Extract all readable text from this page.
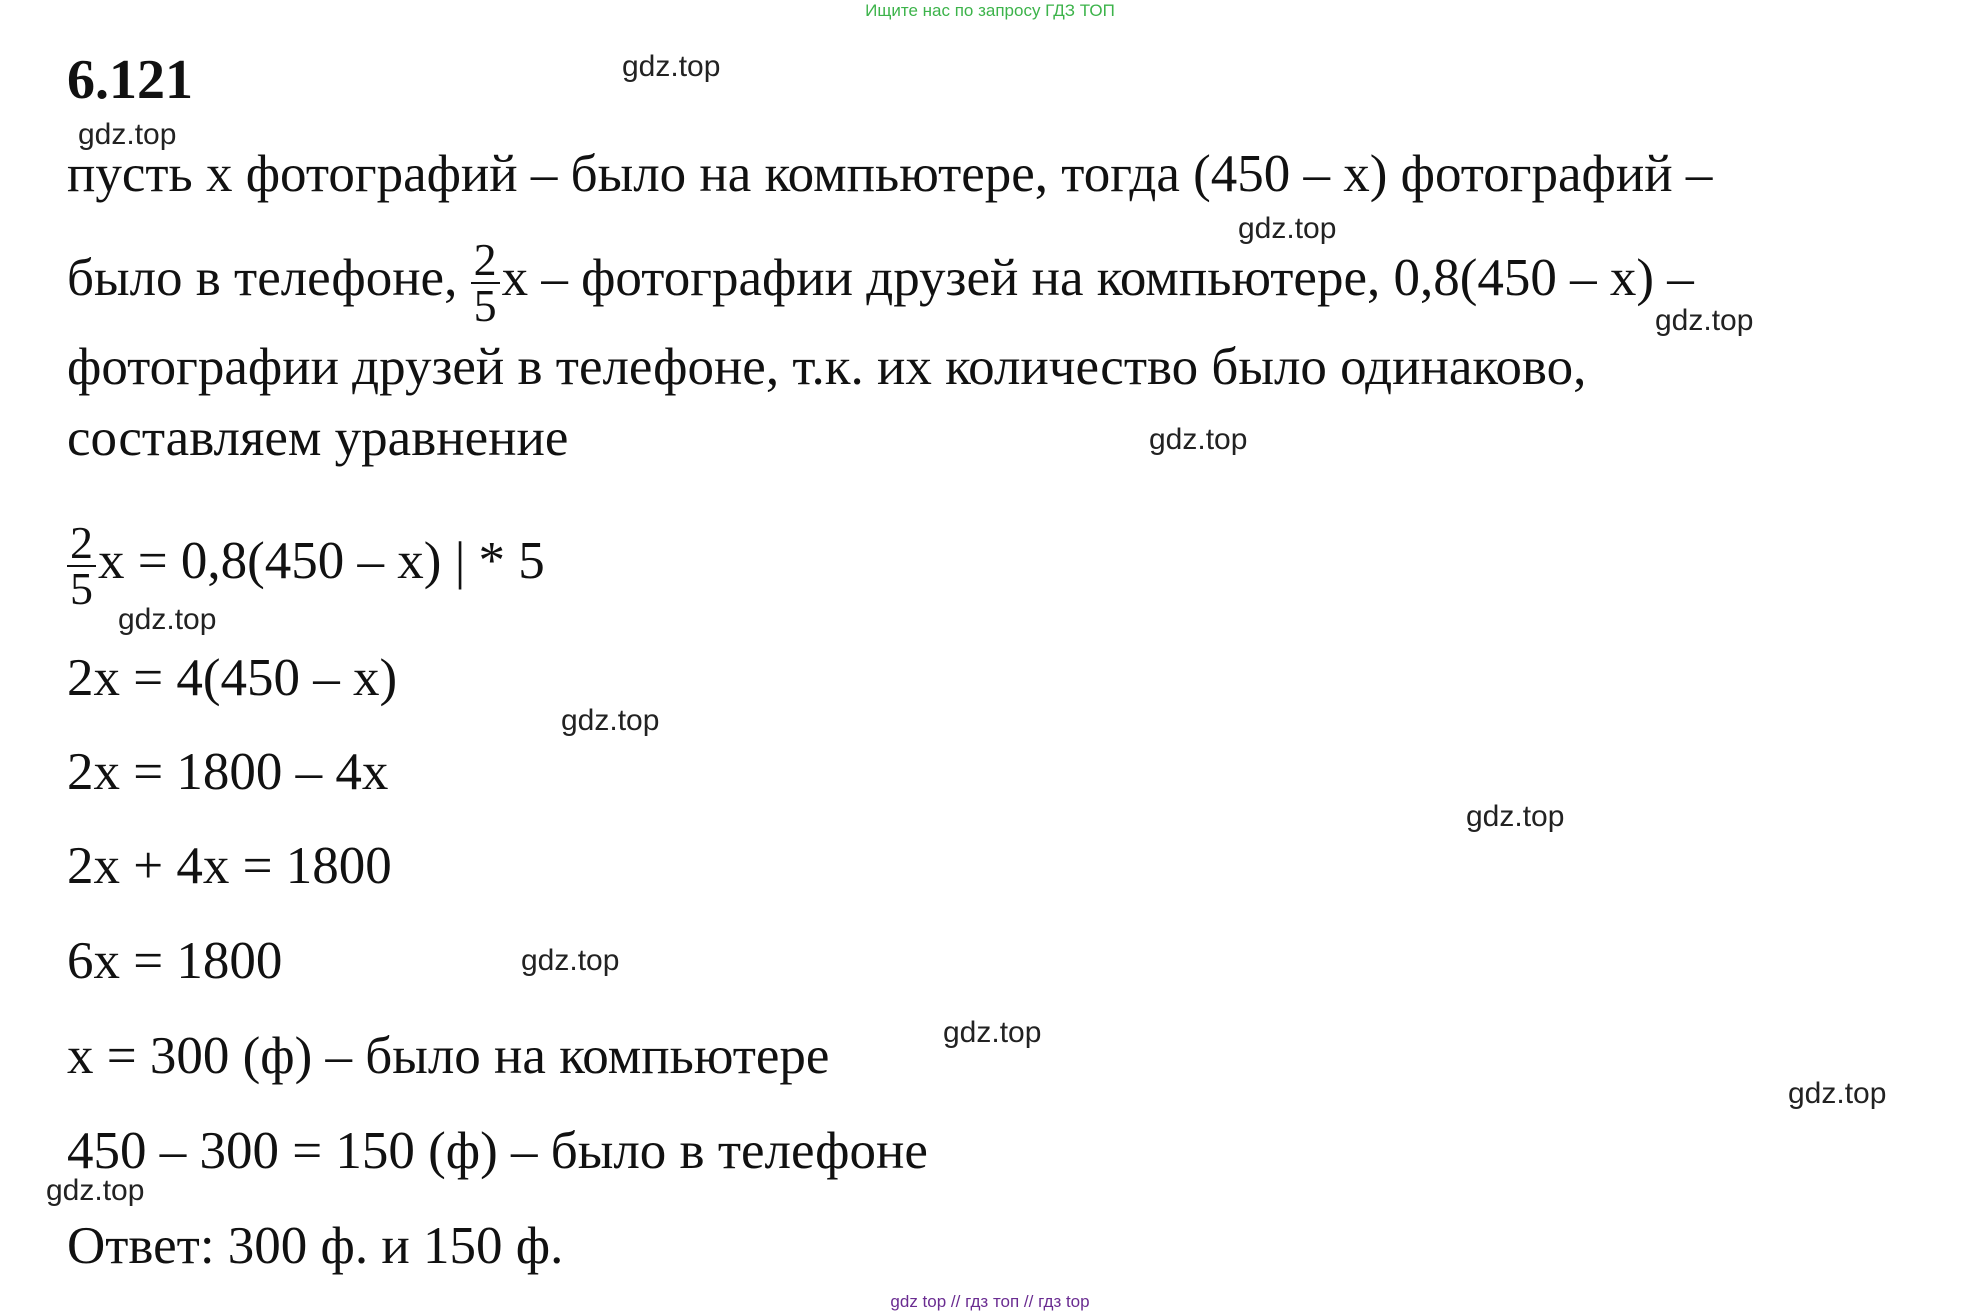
Ищите нас по запросу ГДЗ ТОП
6.121
пусть x фотографий – было на компьютере, тогда (450 – x) фотографий –
было в телефоне, $\frac{2}{5}$ x – фотографии друзей на компьютере, 0,8(450 – x) –
фотографии друзей в телефоне, т.к. их количество было одинаково,
составляем уравнение
$\frac{2}{5}$ x = 0,8(450 – x) | * 5
2x = 4(450 – x)
2x = 1800 – 4x
2x + 4x = 1800
6x = 1800
x = 300 (ф) – было на компьютере
450 – 300 = 150 (ф) – было в телефоне
Ответ: 300 ф. и 150 ф.
gdz.top
gdz.top
gdz.top
gdz.top
gdz.top
gdz.top
gdz.top
gdz.top
gdz.top
gdz.top
gdz.top
gdz.top
gdz top // гдз топ // гдз top
